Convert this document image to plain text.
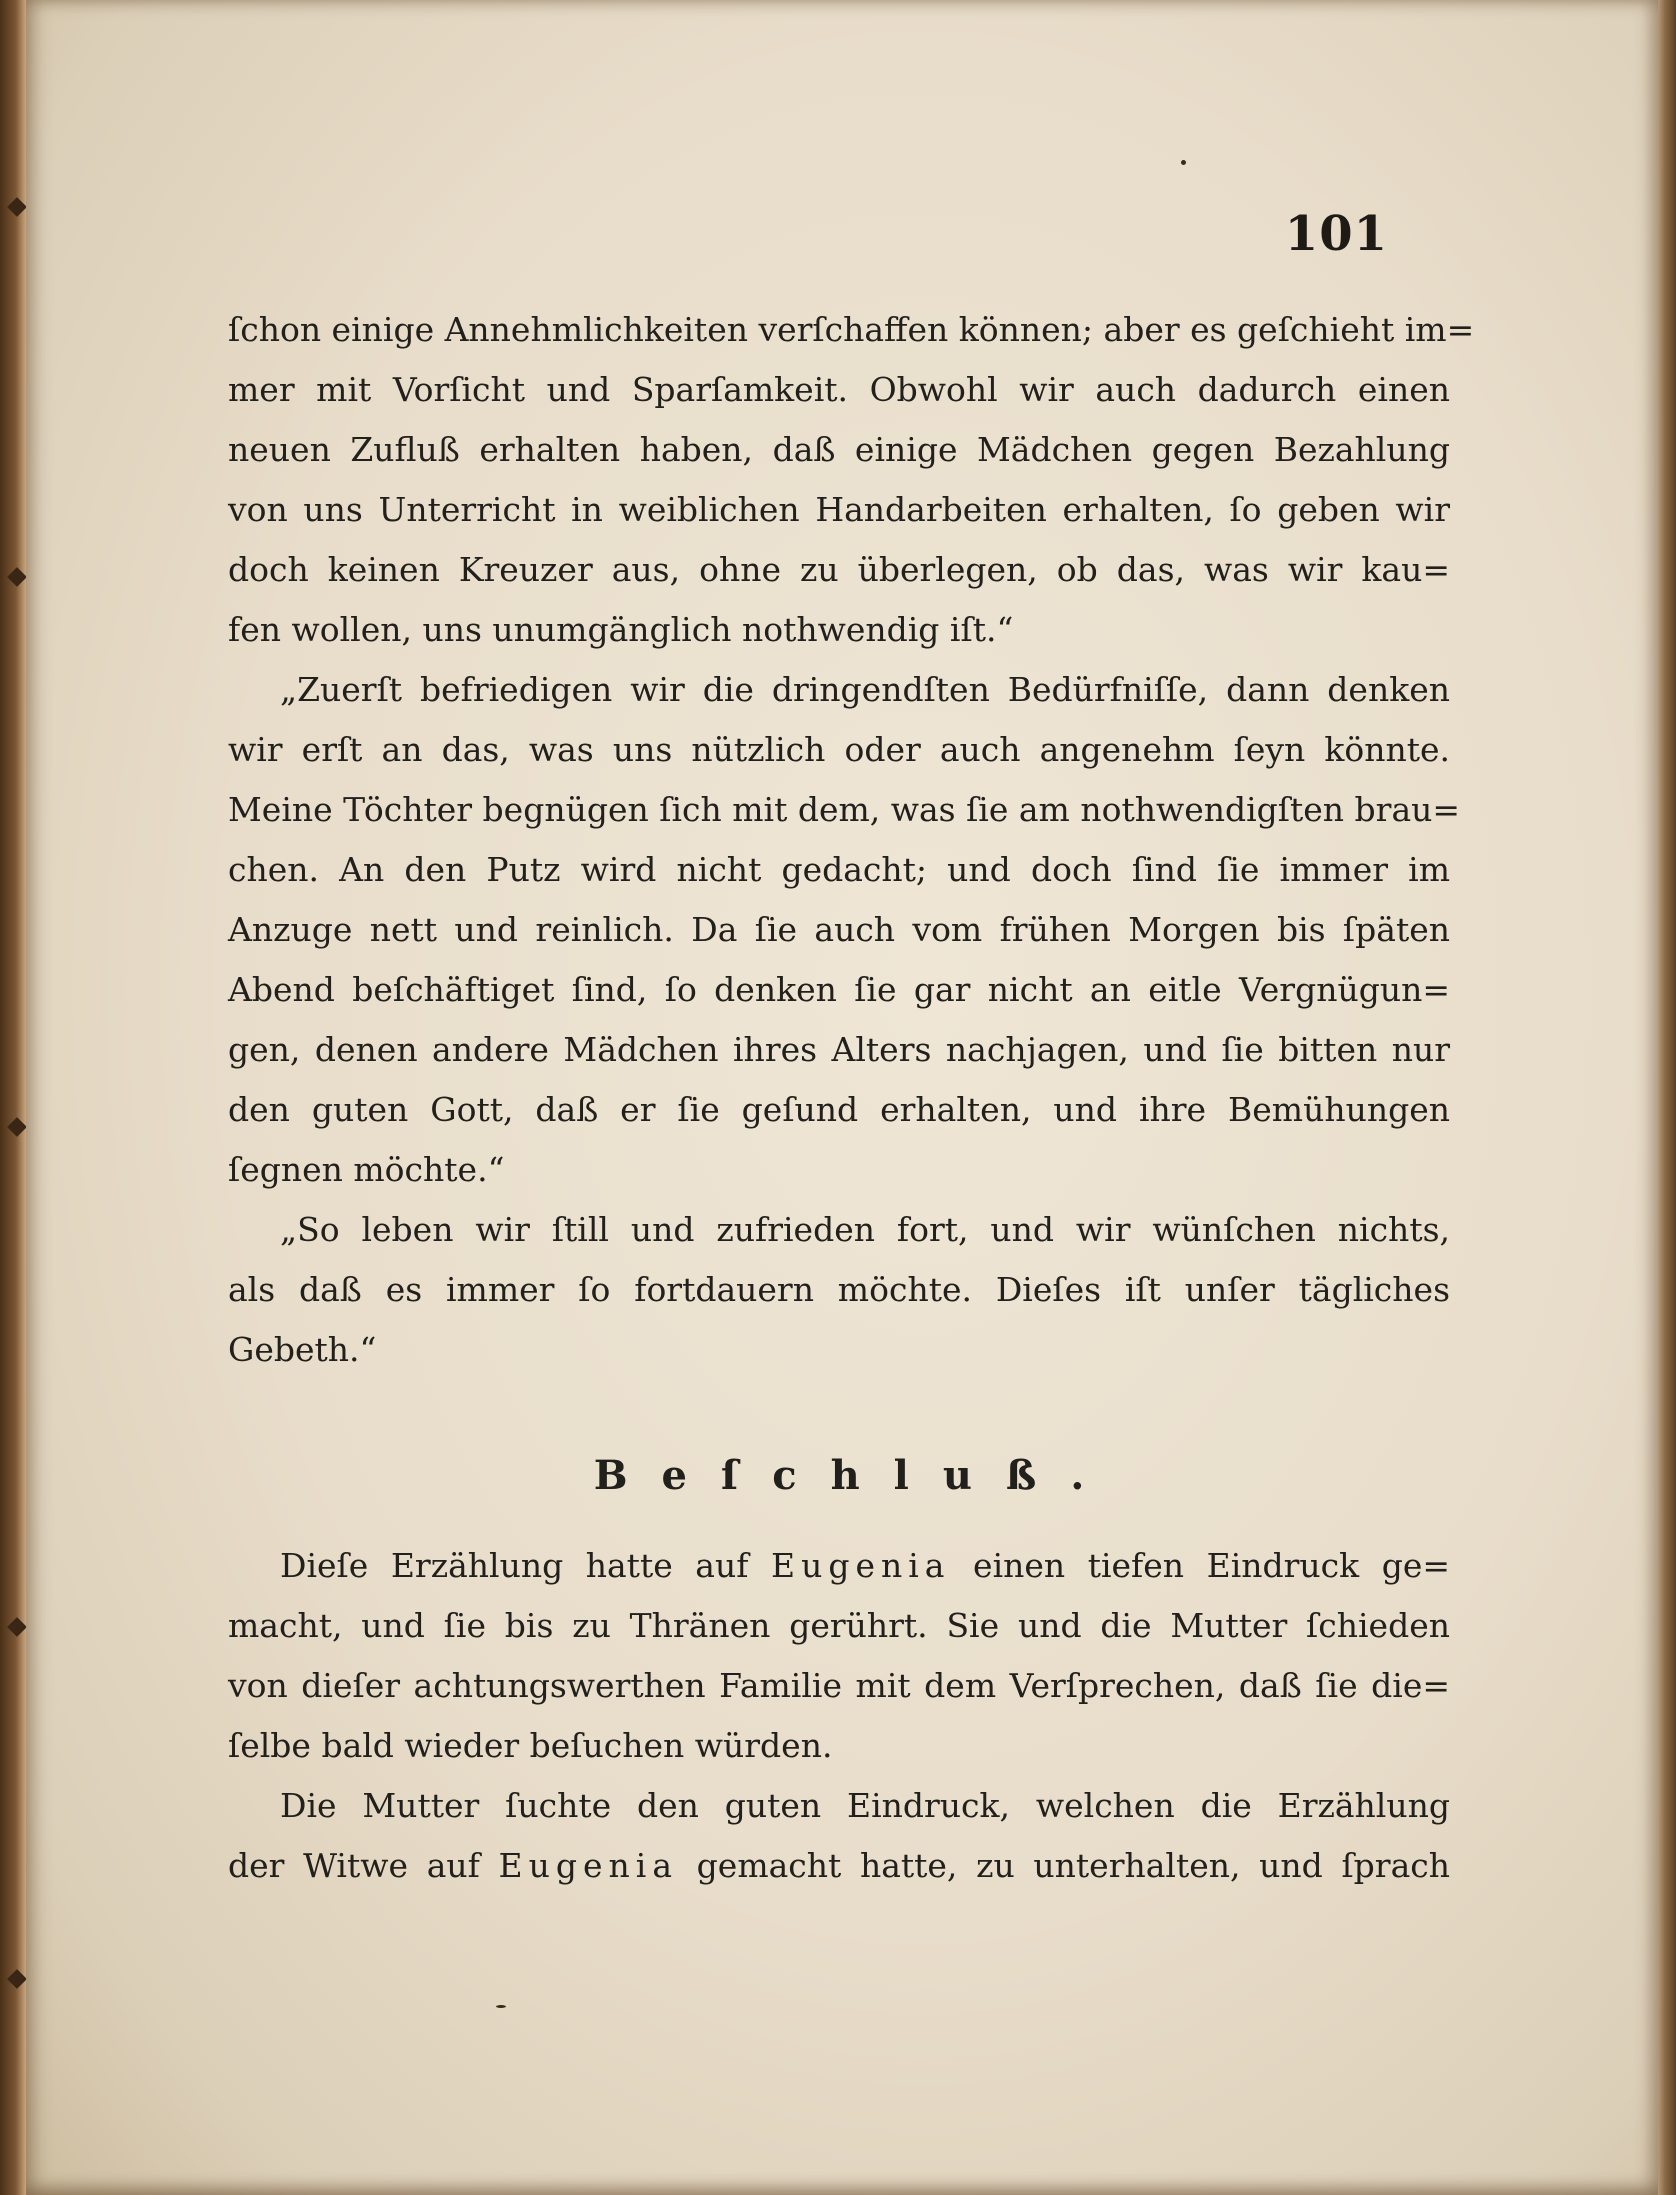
101
ſchon einige Annehmlichkeiten verſchaffen können; aber es geſchieht im=
mer mit Vorſicht und Sparſamkeit. Obwohl wir auch dadurch einen
neuen Zufluß erhalten haben, daß einige Mädchen gegen Bezahlung
von uns Unterricht in weiblichen Handarbeiten erhalten, ſo geben wir
doch keinen Kreuzer aus, ohne zu überlegen, ob das, was wir kau=
fen wollen, uns unumgänglich nothwendig iſt.“
„Zuerſt befriedigen wir die dringendſten Bedürfniſſe, dann denken
wir erſt an das, was uns nützlich oder auch angenehm ſeyn könnte.
Meine Töchter begnügen ſich mit dem, was ſie am nothwendigſten brau=
chen. An den Putz wird nicht gedacht; und doch ſind ſie immer im
Anzuge nett und reinlich. Da ſie auch vom frühen Morgen bis ſpäten
Abend beſchäftiget ſind, ſo denken ſie gar nicht an eitle Vergnügun=
gen, denen andere Mädchen ihres Alters nachjagen, und ſie bitten nur
den guten Gott, daß er ſie geſund erhalten, und ihre Bemühungen
ſegnen möchte.“
„So leben wir ſtill und zufrieden fort, und wir wünſchen nichts,
als daß es immer ſo fortdauern möchte. Dieſes iſt unſer tägliches
Gebeth.“
Beſchluß.
Dieſe Erzählung hatte auf Eugenia einen tiefen Eindruck ge=
macht, und ſie bis zu Thränen gerührt. Sie und die Mutter ſchieden
von dieſer achtungswerthen Familie mit dem Verſprechen, daß ſie die=
ſelbe bald wieder beſuchen würden.
Die Mutter ſuchte den guten Eindruck, welchen die Erzählung
der Witwe auf Eugenia gemacht hatte, zu unterhalten, und ſprach
